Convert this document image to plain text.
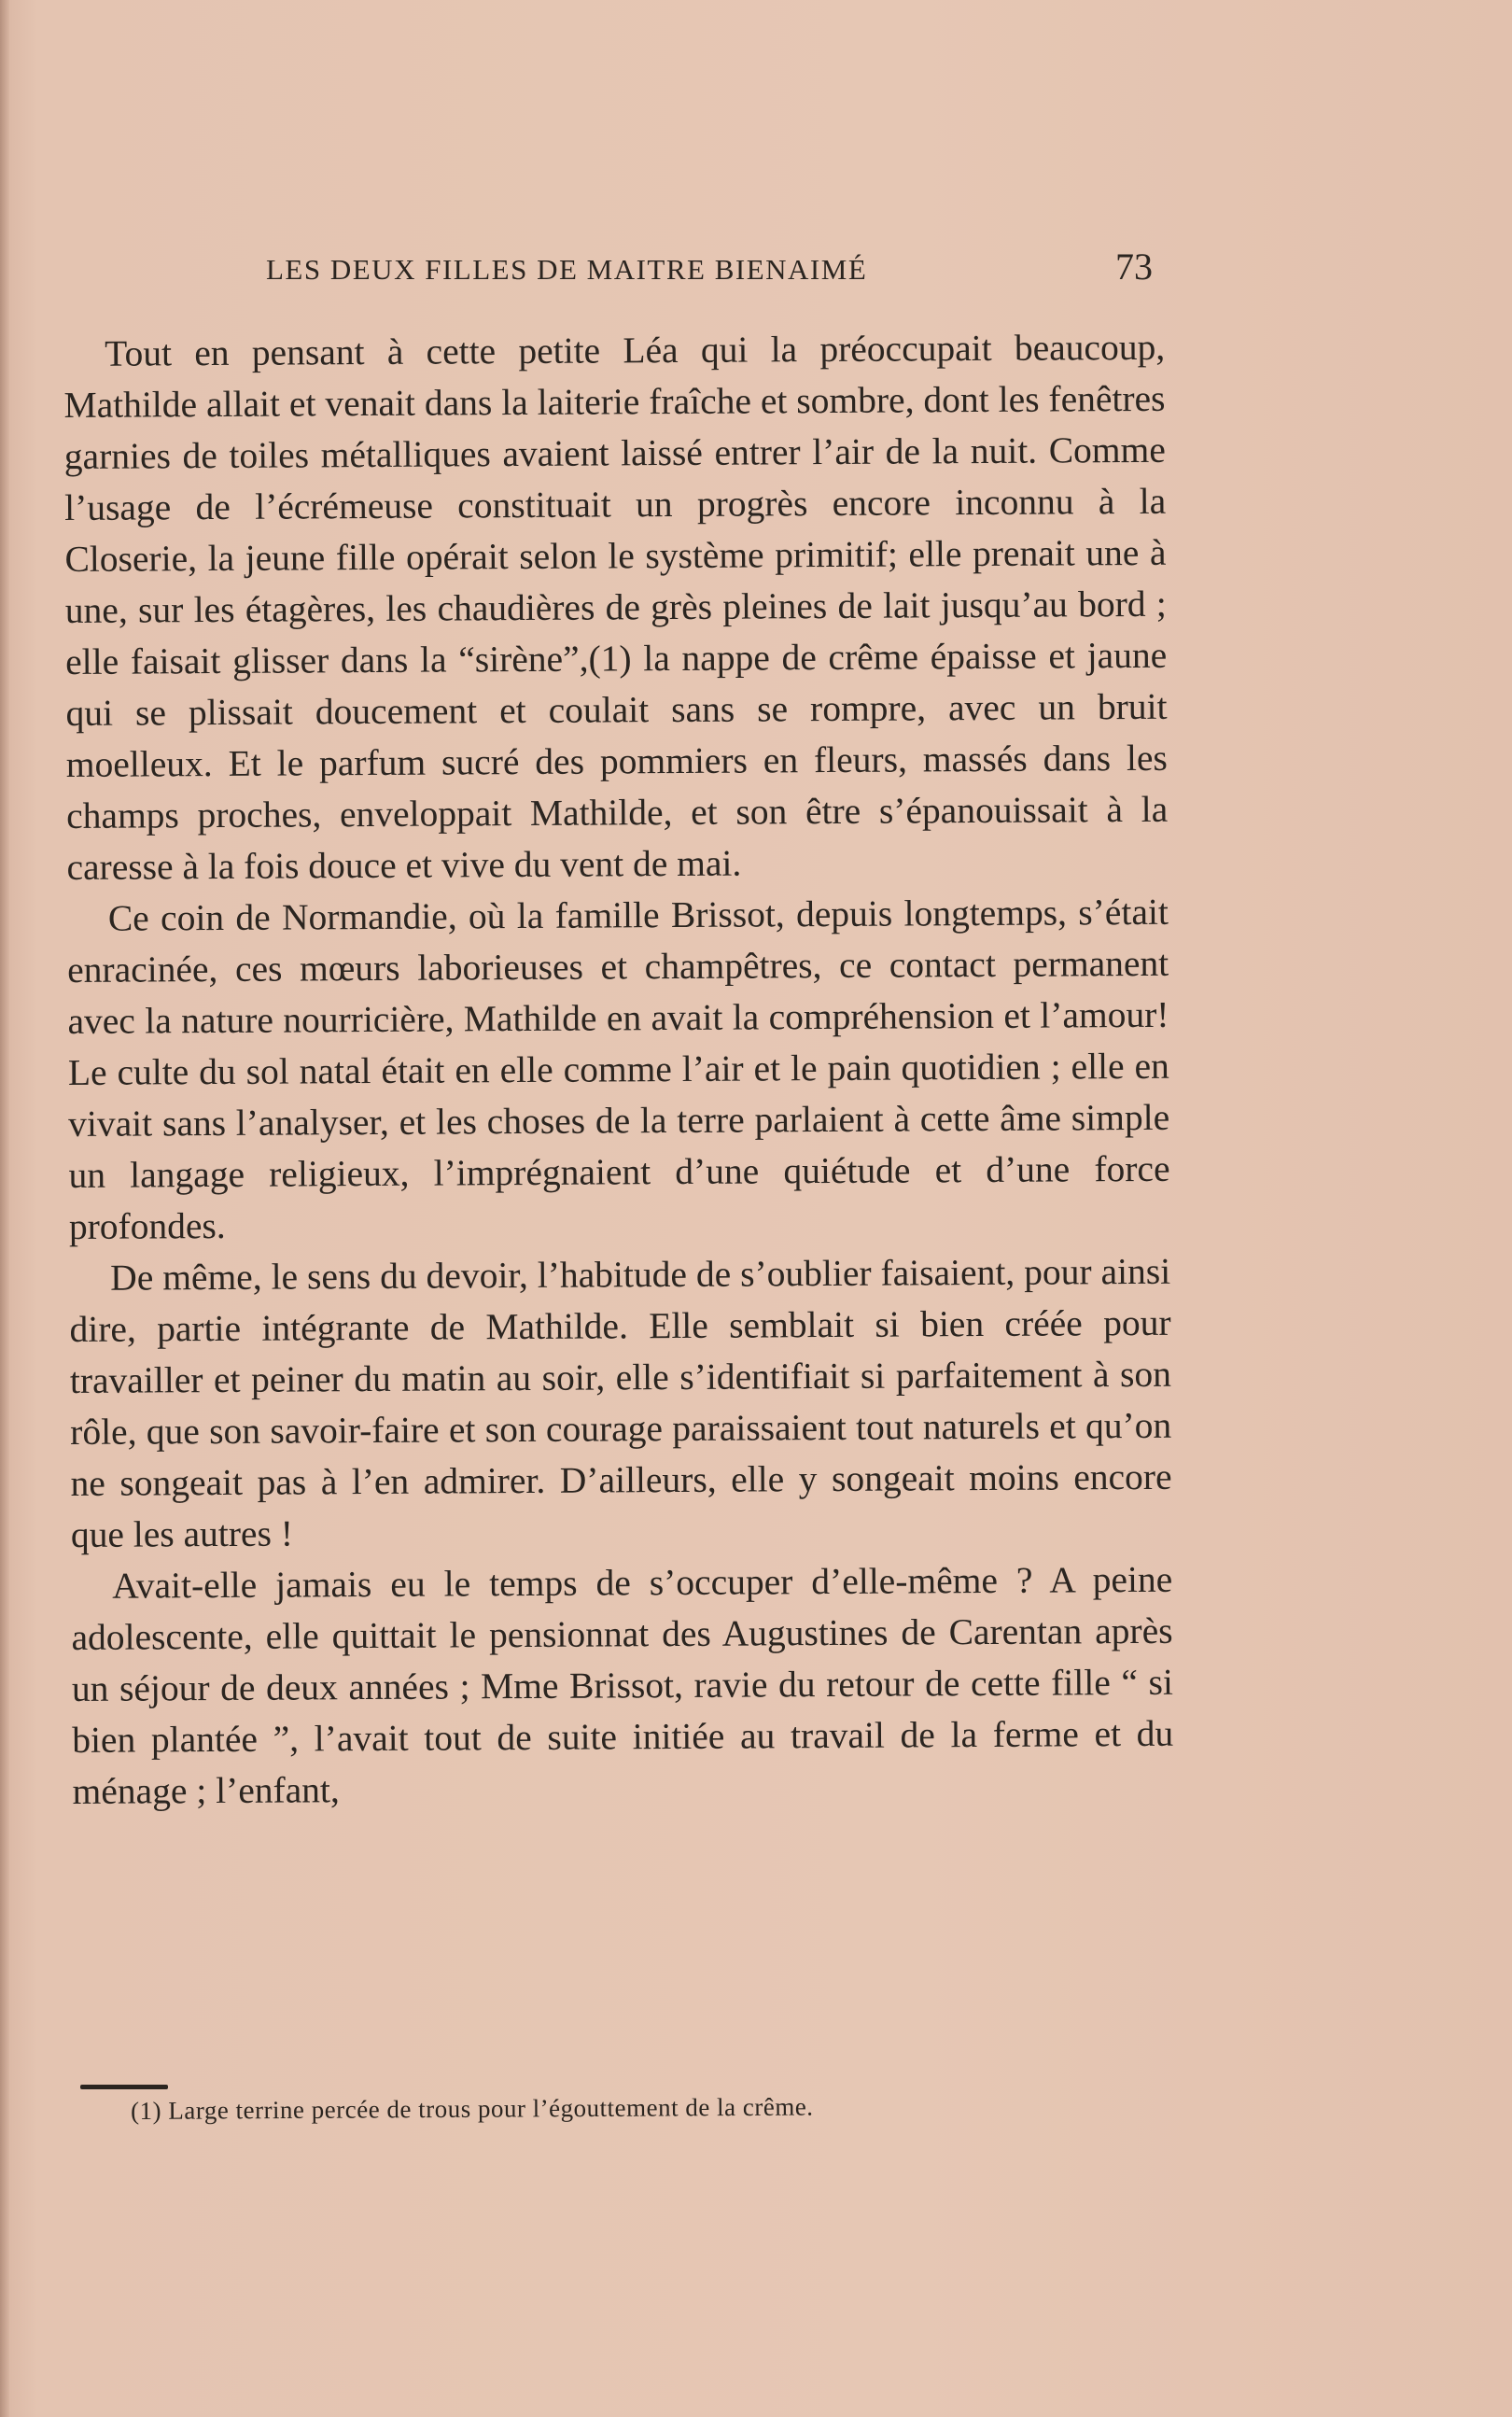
LES DEUX FILLES DE MAITRE BIENAIMÉ	73

Tout en pensant à cette petite Léa qui la préoccupait beaucoup, Mathilde allait et venait dans la laiterie fraîche et sombre, dont les fenêtres garnies de toiles métalliques avaient laissé entrer l’air de la nuit. Comme l’usage de l’écrémeuse constituait un progrès encore inconnu à la Closerie, la jeune fille opérait selon le système primitif; elle prenait une à une, sur les étagères, les chaudières de grès pleines de lait jusqu’au bord ; elle faisait glisser dans la “sirène”,(1) la nappe de crême épaisse et jaune qui se plissait doucement et coulait sans se rompre, avec un bruit moelleux. Et le parfum sucré des pommiers en fleurs, massés dans les champs proches, enveloppait Mathilde, et son être s’épanouissait à la caresse à la fois douce et vive du vent de mai.

Ce coin de Normandie, où la famille Brissot, depuis longtemps, s’était enracinée, ces mœurs laborieuses et champêtres, ce contact permanent avec la nature nourricière, Mathilde en avait la compréhension et l’amour! Le culte du sol natal était en elle comme l’air et le pain quotidien ; elle en vivait sans l’analyser, et les choses de la terre parlaient à cette âme simple un langage religieux, l’imprégnaient d’une quiétude et d’une force profondes.

De même, le sens du devoir, l’habitude de s’oublier faisaient, pour ainsi dire, partie intégrante de Mathilde. Elle semblait si bien créée pour travailler et peiner du matin au soir, elle s’identifiait si parfaitement à son rôle, que son savoir-faire et son courage paraissaient tout naturels et qu’on ne songeait pas à l’en admirer. D’ailleurs, elle y songeait moins encore que les autres !

Avait-elle jamais eu le temps de s’occuper d’elle-même ? A peine adolescente, elle quittait le pensionnat des Augustines de Carentan après un séjour de deux années ; Mme Brissot, ravie du retour de cette fille “ si bien plantée ”, l’avait tout de suite initiée au travail de la ferme et du ménage ; l’enfant,

(1) Large terrine percée de trous pour l’égouttement de la crême.
